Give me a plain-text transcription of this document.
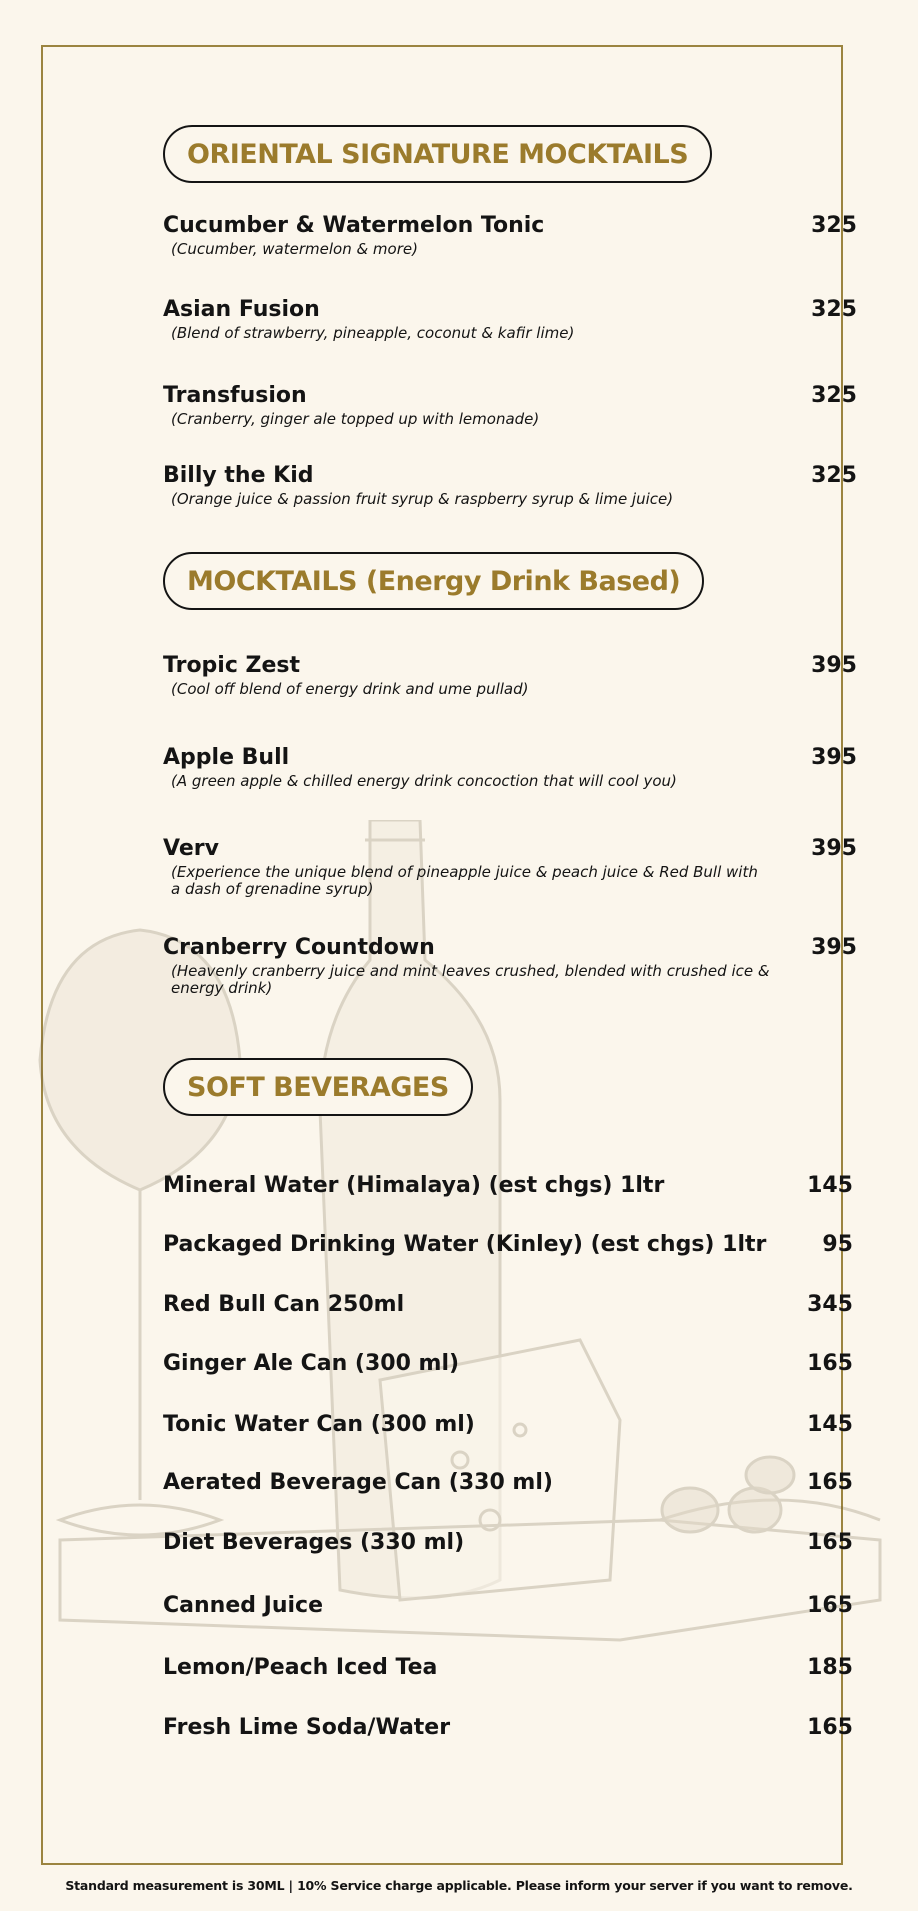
ORIENTAL SIGNATURE MOCKTAILS
Cucumber & Watermelon Tonic	325
(Cucumber, watermelon & more)
Asian Fusion	325
(Blend of strawberry, pineapple, coconut & kafir lime)
Transfusion	325
(Cranberry, ginger ale topped up with lemonade)
Billy the Kid	325
(Orange juice & passion fruit syrup & raspberry syrup & lime juice)
MOCKTAILS (Energy Drink Based)
Tropic Zest	395
(Cool off blend of energy drink and ume pullad)
Apple Bull	395
(A green apple & chilled energy drink concoction that will cool you)
Verv	395
(Experience the unique blend of pineapple juice & peach juice & Red Bull with a dash of grenadine syrup)
Cranberry Countdown	395
(Heavenly cranberry juice and mint leaves crushed, blended with crushed ice & energy drink)
SOFT BEVERAGES
Mineral Water (Himalaya) (est chgs) 1ltr	145
Packaged Drinking Water (Kinley) (est chgs) 1ltr	95
Red Bull Can 250ml	345
Ginger Ale Can (300 ml)	165
Tonic Water Can (300 ml)	145
Aerated Beverage Can (330 ml)	165
Diet Beverages (330 ml)	165
Canned Juice	165
Lemon/Peach Iced Tea	185
Fresh Lime Soda/Water	165
Standard measurement is 30ML | 10% Service charge applicable. Please inform your server if you want to remove.
